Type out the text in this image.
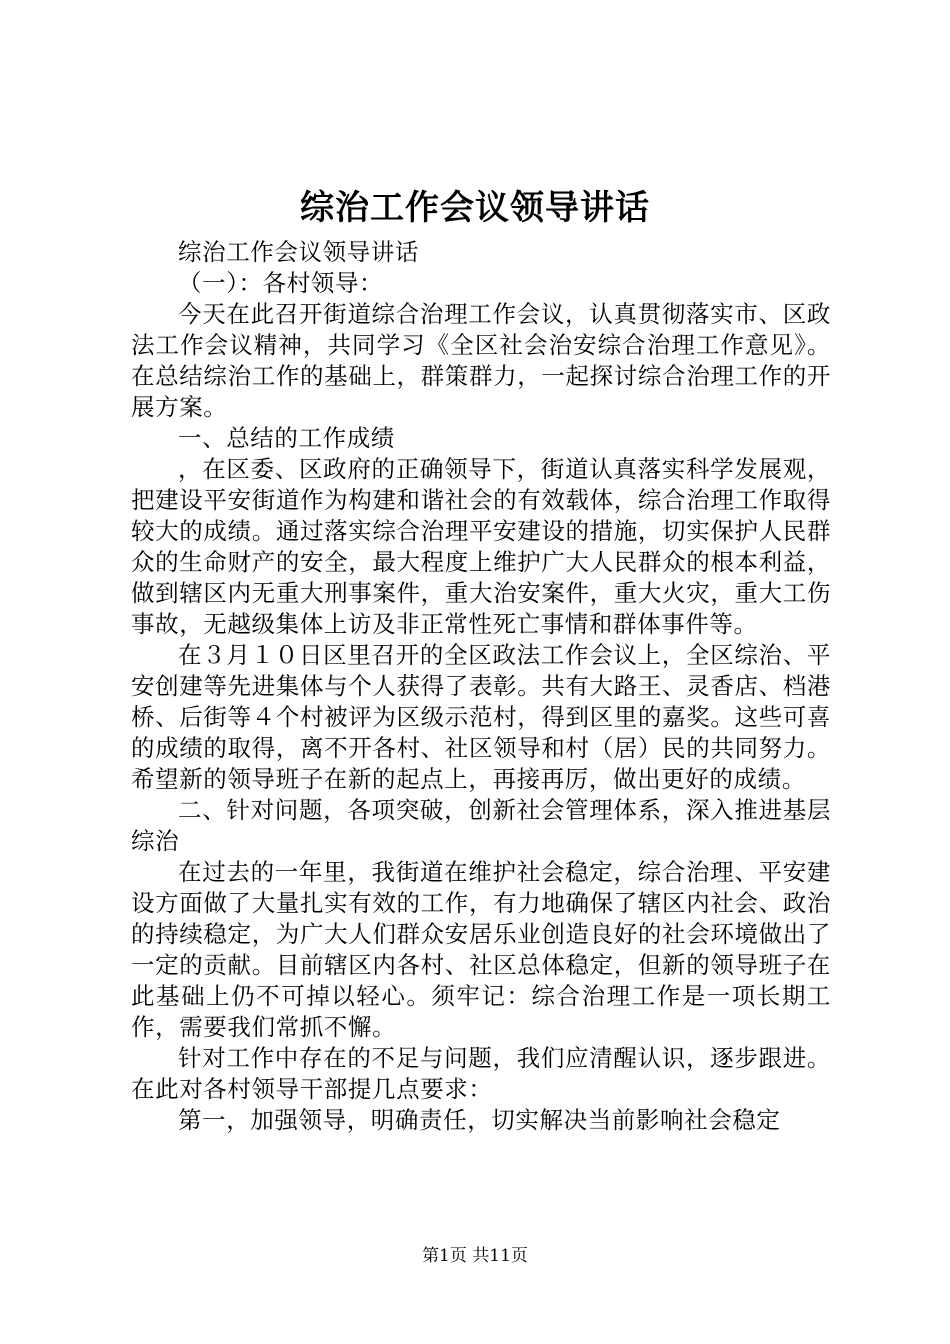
综治工作会议领导讲话

综治工作会议领导讲话

（一）：各村领导：

今天在此召开街道综合治理工作会议，认真贯彻落实市、区政法工作会议精神，共同学习《全区社会治安综合治理工作意见》。在总结综治工作的基础上，群策群力，一起探讨综合治理工作的开展方案。

一、总结的工作成绩

，在区委、区政府的正确领导下，街道认真落实科学发展观，把建设平安街道作为构建和谐社会的有效载体，综合治理工作取得较大的成绩。通过落实综合治理平安建设的措施，切实保护人民群众的生命财产的安全，最大程度上维护广大人民群众的根本利益，做到辖区内无重大刑事案件，重大治安案件，重大火灾，重大工伤事故，无越级集体上访及非正常性死亡事情和群体事件等。

在３月１０日区里召开的全区政法工作会议上，全区综治、平安创建等先进集体与个人获得了表彰。共有大路王、灵香店、档港桥、后街等４个村被评为区级示范村，得到区里的嘉奖。这些可喜的成绩的取得，离不开各村、社区领导和村（居）民的共同努力。希望新的领导班子在新的起点上，再接再厉，做出更好的成绩。

二、针对问题，各项突破，创新社会管理体系，深入推进基层综治

在过去的一年里，我街道在维护社会稳定，综合治理、平安建设方面做了大量扎实有效的工作，有力地确保了辖区内社会、政治的持续稳定，为广大人们群众安居乐业创造良好的社会环境做出了一定的贡献。目前辖区内各村、社区总体稳定，但新的领导班子在此基础上仍不可掉以轻心。须牢记：综合治理工作是一项长期工作，需要我们常抓不懈。

针对工作中存在的不足与问题，我们应清醒认识，逐步跟进。在此对各村领导干部提几点要求：

第一，加强领导，明确责任，切实解决当前影响社会稳定

第1页 共11页
